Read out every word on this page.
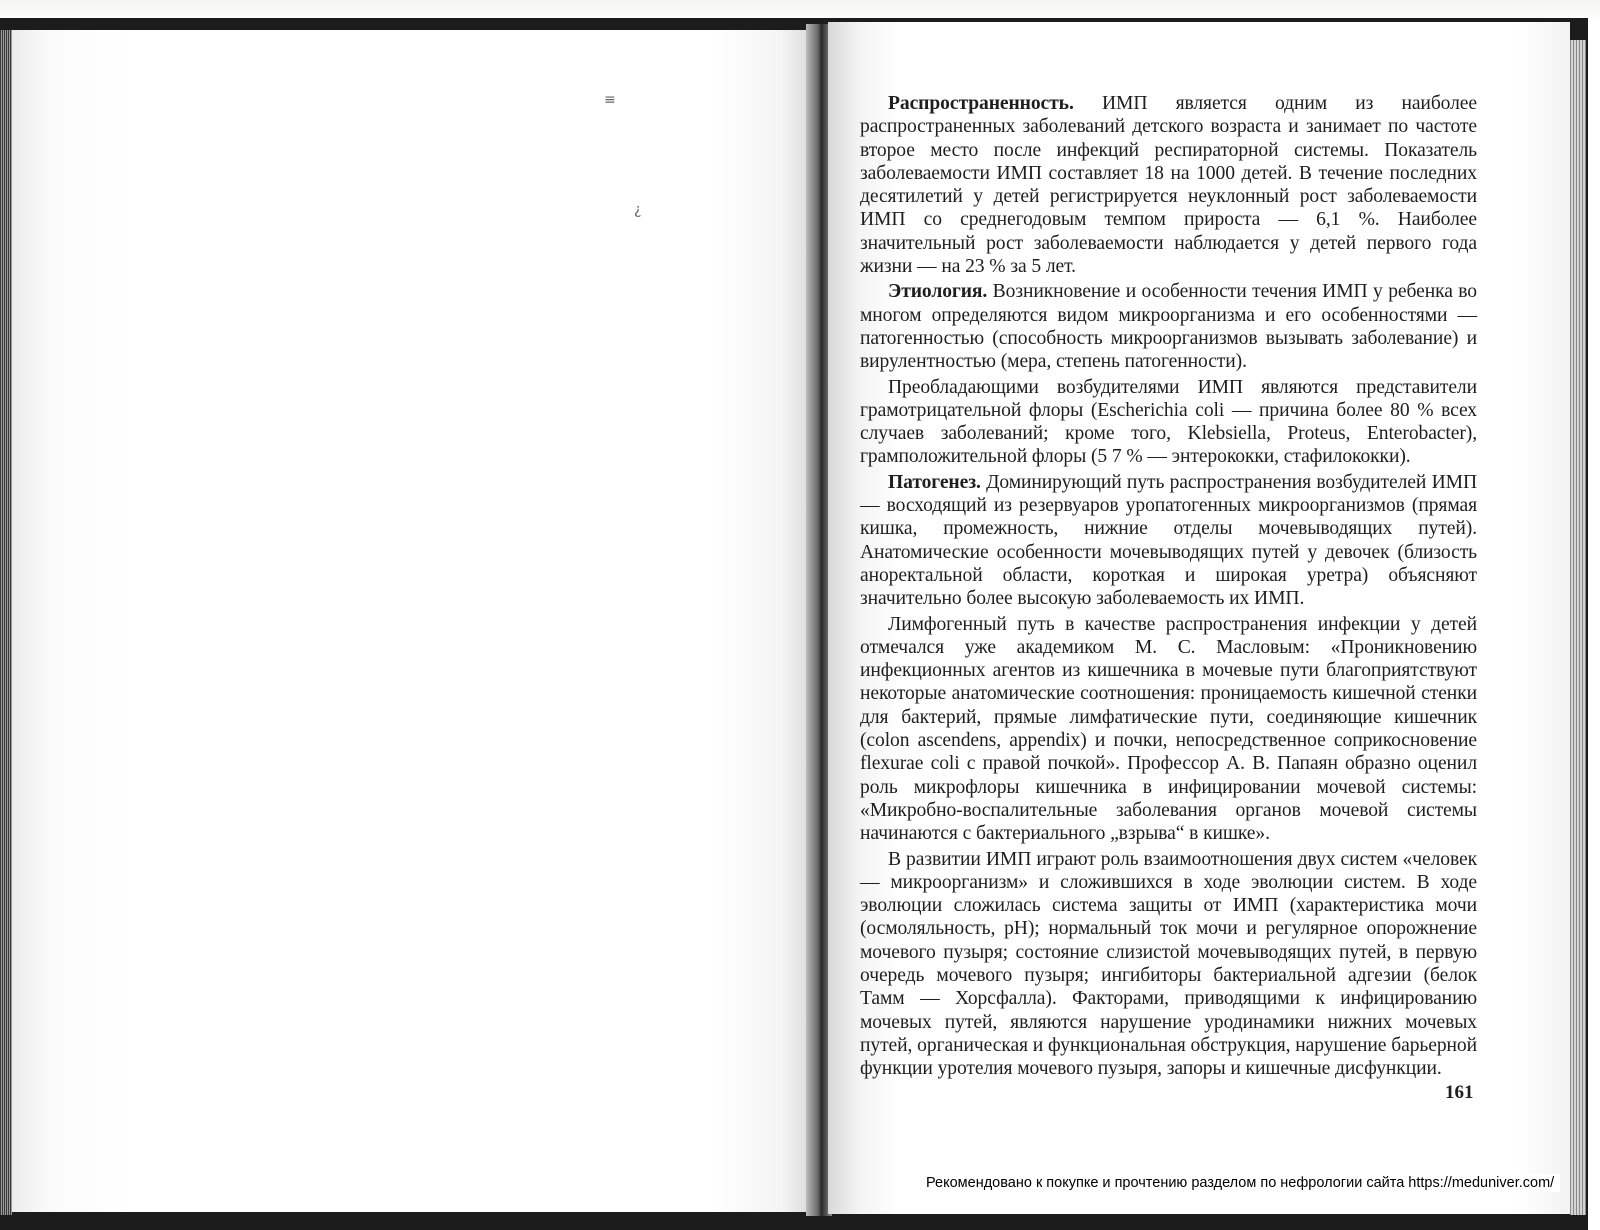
≡
¿

Распространенность. ИМП является одним из наиболее распространенных заболеваний детского возраста и занимает по частоте второе место после инфекций респираторной системы. Показатель заболеваемости ИМП составляет 18 на 1000 детей. В течение последних десятилетий у детей регистрируется неуклонный рост заболеваемости ИМП со среднегодовым темпом прироста — 6,1 %. Наиболее значительный рост заболеваемости наблюдается у детей первого года жизни — на 23 % за 5 лет.

Этиология. Возникновение и особенности течения ИМП у ребенка во многом определяются видом микроорганизма и его особенностями — патогенностью (способность микроорганизмов вызывать заболевание) и вирулентностью (мера, степень патогенности).

Преобладающими возбудителями ИМП являются представители грамотрицательной флоры (Escherichia coli — причина более 80 % всех случаев заболеваний; кроме того, Klebsiella, Proteus, Enterobacter), грамположительной флоры (5 7 % — энтерококки, стафилококки).

Патогенез. Доминирующий путь распространения возбудителей ИМП — восходящий из резервуаров уропатогенных микроорганизмов (прямая кишка, промежность, нижние отделы мочевыводящих путей). Анатомические особенности мочевыводящих путей у девочек (близость аноректальной области, короткая и широкая уретра) объясняют значительно более высокую заболеваемость их ИМП.

Лимфогенный путь в качестве распространения инфекции у детей отмечался уже академиком М. С. Масловым: «Проникновению инфекционных агентов из кишечника в мочевые пути благоприятствуют некоторые анатомические соотношения: проницаемость кишечной стенки для бактерий, прямые лимфатические пути, соединяющие кишечник (colon ascendens, appendix) и почки, непосредственное соприкосновение flexurae coli с правой почкой». Профессор А. В. Папаян образно оценил роль микрофлоры кишечника в инфицировании мочевой системы: «Микробно-воспалительные заболевания органов мочевой системы начинаются с бактериального „взрыва“ в кишке».

В развитии ИМП играют роль взаимоотношения двух систем «человек — микроорганизм» и сложившихся в ходе эволюции систем. В ходе эволюции сложилась система защиты от ИМП (характеристика мочи (осмоляльность, pH); нормальный ток мочи и регулярное опорожнение мочевого пузыря; состояние слизистой мочевыводящих путей, в первую очередь мочевого пузыря; ингибиторы бактериальной адгезии (белок Тамм — Хорсфалла). Факторами, приводящими к инфицированию мочевых путей, являются нарушение уродинамики нижних мочевых путей, органическая и функциональная обструкция, нарушение барьерной функции уротелия мочевого пузыря, запоры и кишечные дисфункции.

161
Рекомендовано к покупке и прочтению разделом по нефрологии сайта https://meduniver.com/
